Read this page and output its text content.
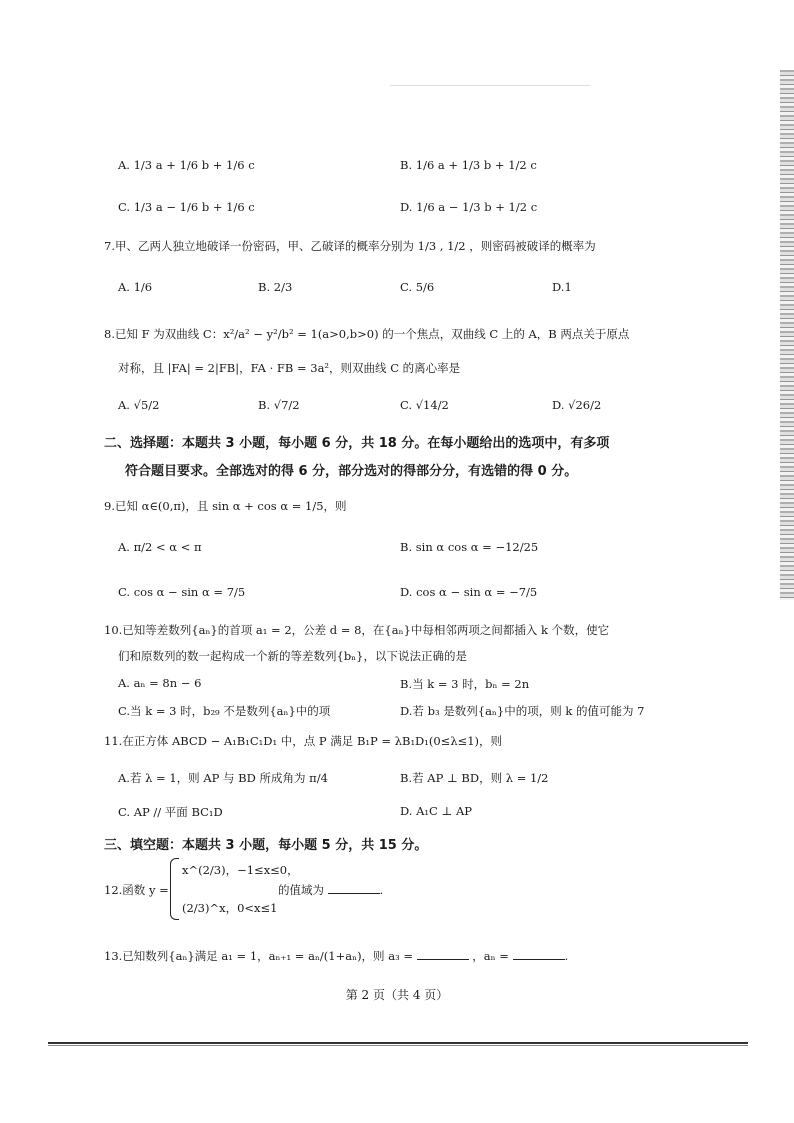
A. 1/3 a + 1/6 b + 1/6 c	B. 1/6 a + 1/3 b + 1/2 c
C. 1/3 a − 1/6 b + 1/6 c	D. 1/6 a − 1/3 b + 1/2 c
7.甲、乙两人独立地破译一份密码，甲、乙破译的概率分别为 1/3 , 1/2 ，则密码被破译的概率为
A. 1/6	B. 2/3	C. 5/6	D.1
8.已知 F 为双曲线 C：x²/a² − y²/b² = 1(a>0,b>0) 的一个焦点，双曲线 C 上的 A，B 两点关于原点
对称，且 |FA| = 2|FB|，FA · FB = 3a²，则双曲线 C 的离心率是
A. √5/2	B. √7/2	C. √14/2	D. √26/2
二、选择题：本题共 3 小题，每小题 6 分，共 18 分。在每小题给出的选项中，有多项
符合题目要求。全部选对的得 6 分，部分选对的得部分分，有选错的得 0 分。
9.已知 α∈(0,π)，且 sin α + cos α = 1/5，则
A. π/2 < α < π	B. sin α cos α = −12/25
C. cos α − sin α = 7/5	D. cos α − sin α = −7/5
10.已知等差数列{aₙ}的首项 a₁ = 2，公差 d = 8，在{aₙ}中每相邻两项之间都插入 k 个数，使它
们和原数列的数一起构成一个新的等差数列{bₙ}，以下说法正确的是
A. aₙ = 8n − 6	B.当 k = 3 时，bₙ = 2n
C.当 k = 3 时，b₂₉ 不是数列{aₙ}中的项	D.若 b₃ 是数列{aₙ}中的项，则 k 的值可能为 7
11.在正方体 ABCD − A₁B₁C₁D₁ 中，点 P 满足 B₁P = λB₁D₁(0≤λ≤1)，则
A.若 λ = 1，则 AP 与 BD 所成角为 π/4	B.若 AP ⊥ BD，则 λ = 1/2
C. AP // 平面 BC₁D	D. A₁C ⊥ AP
三、填空题：本题共 3 小题，每小题 5 分，共 15 分。
12.函数 y =
x^(2/3)，−1≤x≤0，
(2/3)^x，0<x≤1
的值域为	.
13.已知数列{aₙ}满足 a₁ = 1，aₙ₊₁ = aₙ/(1+aₙ)，则 a₃ =	，aₙ =	.
第 2 页（共 4 页）
